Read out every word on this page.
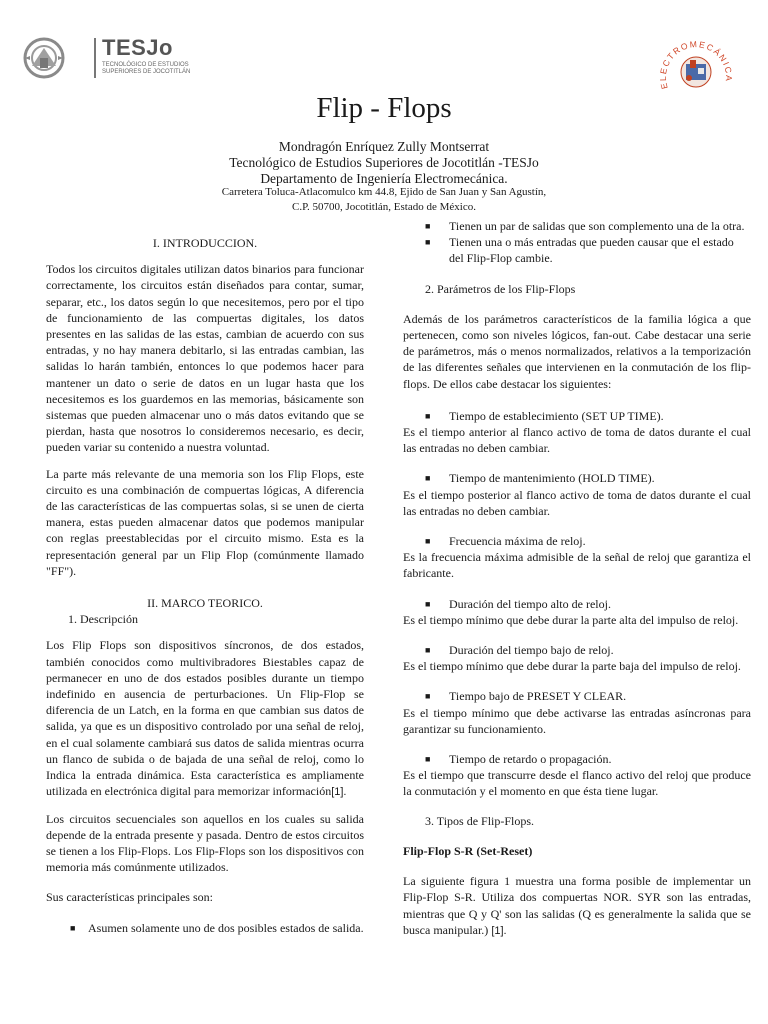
TESJo
TECNOLÓGICO DE ESTUDIOS SUPERIORES DE JOCOTITLÁN
ELECTROMECÁNICA
Flip - Flops
Mondragón Enríquez Zully Montserrat
Tecnológico de Estudios Superiores de Jocotitlán -TESJo
Departamento de Ingeniería Electromecánica.
Carretera Toluca-Atlacomulco km 44.8, Ejido de San Juan y San Agustín,
C.P. 50700, Jocotitlán, Estado de México.

I. INTRODUCCION.

Todos los circuitos digitales utilizan datos binarios para funcionar correctamente, los circuitos están diseñados para contar, sumar, separar, etc., los datos según lo que necesitemos, pero por el tipo de funcionamiento de las compuertas digitales, los datos presentes en las salidas de las estas, cambian de acuerdo con sus entradas, y no hay manera debitarlo, si las entradas cambian, las salidas lo harán también, entonces lo que podemos hacer para mantener un dato o serie de datos en un lugar hasta que los necesitemos es los guardemos en las memorias, básicamente son sistemas que pueden almacenar uno o más datos evitando que se pierdan, hasta que nosotros lo consideremos necesario, es decir, pueden variar su contenido a nuestra voluntad.

La parte más relevante de una memoria son los Flip Flops, este circuito es una combinación de compuertas lógicas, A diferencia de las características de las compuertas solas, si se unen de cierta manera, estas pueden almacenar datos que podemos manipular con reglas preestablecidas por el circuito mismo. Esta es la representación general par un Flip Flop (comúnmente llamado "FF").

II. MARCO TEORICO.

1. Descripción

Los Flip Flops son dispositivos síncronos, de dos estados, también conocidos como multivibradores Biestables capaz de permanecer en uno de dos estados posibles durante un tiempo indefinido en ausencia de perturbaciones. Un Flip-Flop se diferencia de un Latch, en la forma en que cambian sus datos de salida, ya que es un dispositivo controlado por una señal de reloj, en el cual solamente cambiará sus datos de salida mientras ocurra un flanco de subida o de bajada de una señal de reloj, como lo Indica la entrada dinámica. Esta característica es ampliamente utilizada en electrónica digital para memorizar información[1].

Los circuitos secuenciales son aquellos en los cuales su salida depende de la entrada presente y pasada. Dentro de estos circuitos se tienen a los Flip-Flops. Los Flip-Flops son los dispositivos con memoria más comúnmente utilizados.

Sus características principales son:

■ Asumen solamente uno de dos posibles estados de salida.
■ Tienen un par de salidas que son complemento una de la otra.
■ Tienen una o más entradas que pueden causar que el estado del Flip-Flop cambie.

2. Parámetros de los Flip-Flops

Además de los parámetros característicos de la familia lógica a que pertenecen, como son niveles lógicos, fan-out. Cabe destacar una serie de parámetros, más o menos normalizados, relativos a la temporización de las diferentes señales que intervienen en la conmutación de los flip-flops. De ellos cabe destacar los siguientes:

■ Tiempo de establecimiento (SET UP TIME).

Es el tiempo anterior al flanco activo de toma de datos durante el cual las entradas no deben cambiar.

■ Tiempo de mantenimiento (HOLD TIME).

Es el tiempo posterior al flanco activo de toma de datos durante el cual las entradas no deben cambiar.

■ Frecuencia máxima de reloj.

Es la frecuencia máxima admisible de la señal de reloj que garantiza el fabricante.

■ Duración del tiempo alto de reloj.

Es el tiempo mínimo que debe durar la parte alta del impulso de reloj.

■ Duración del tiempo bajo de reloj.

Es el tiempo mínimo que debe durar la parte baja del impulso de reloj.

■ Tiempo bajo de PRESET Y CLEAR.

Es el tiempo mínimo que debe activarse las entradas asíncronas para garantizar su funcionamiento.

■ Tiempo de retardo o propagación.

Es el tiempo que transcurre desde el flanco activo del reloj que produce la conmutación y el momento en que ésta tiene lugar.

3. Tipos de Flip-Flops.

Flip-Flop S-R (Set-Reset)

La siguiente figura 1 muestra una forma posible de implementar un Flip-Flop S-R. Utiliza dos compuertas NOR. SYR son las entradas, mientras que Q y Q' son las salidas (Q es generalmente la salida que se busca manipular.) [1].
